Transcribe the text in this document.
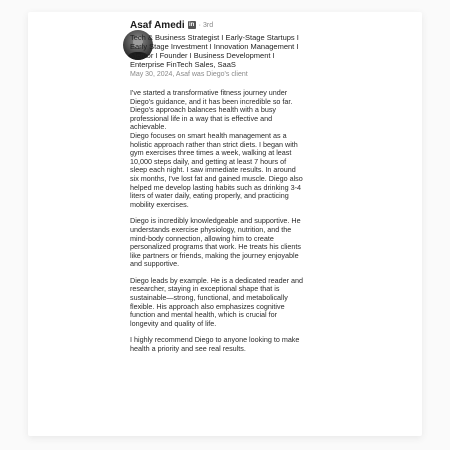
Asaf Amedi in · 3rd
Tech & Business Strategist I Early-Stage Startups I Early Stage Investment I Innovation Management I Mentor I Founder I Business Development I Enterprise FinTech Sales, SaaS
May 30, 2024, Asaf was Diego's client

I've started a transformative fitness journey under Diego's guidance, and it has been incredible so far. Diego's approach balances health with a busy professional life in a way that is effective and achievable.
Diego focuses on smart health management as a holistic approach rather than strict diets. I began with gym exercises three times a week, walking at least 10,000 steps daily, and getting at least 7 hours of sleep each night. I saw immediate results. In around six months, I've lost fat and gained muscle. Diego also helped me develop lasting habits such as drinking 3-4 liters of water daily, eating properly, and practicing mobility exercises.

Diego is incredibly knowledgeable and supportive. He understands exercise physiology, nutrition, and the mind-body connection, allowing him to create personalized programs that work. He treats his clients like partners or friends, making the journey enjoyable and supportive.

Diego leads by example. He is a dedicated reader and researcher, staying in exceptional shape that is sustainable—strong, functional, and metabolically flexible. His approach also emphasizes cognitive function and mental health, which is crucial for longevity and quality of life.

I highly recommend Diego to anyone looking to make health a priority and see real results.
